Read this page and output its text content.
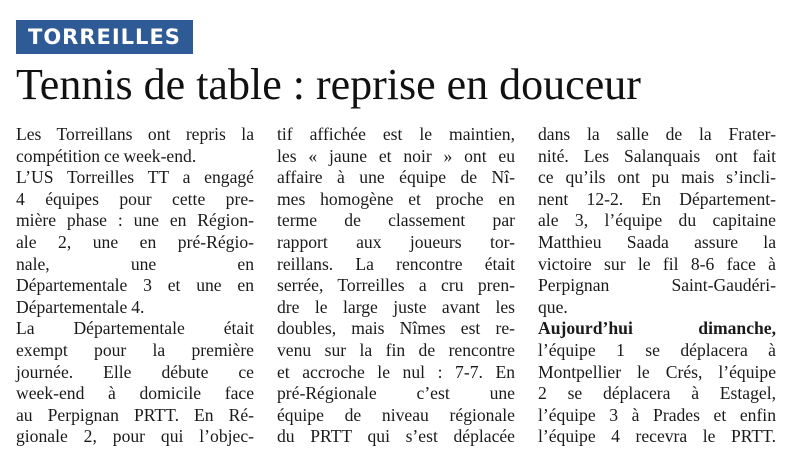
TORREILLES
Tennis de table : reprise en douceur
Les Torreillans ont repris la
compétition ce week-end.
L’US Torreilles TT a engagé
4 équipes pour cette pre-
mière phase : une en Région-
ale 2, une en pré-Régio-
nale, une en
Départementale 3 et une en
Départementale 4.
La Départementale était
exempt pour la première
journée. Elle débute ce
week-end à domicile face
au Perpignan PRTT. En Ré-
gionale 2, pour qui l’objec-
tif affichée est le maintien,
les « jaune et noir » ont eu
affaire à une équipe de Nî-
mes homogène et proche en
terme de classement par
rapport aux joueurs tor-
reillans. La rencontre était
serrée, Torreilles a cru pren-
dre le large juste avant les
doubles, mais Nîmes est re-
venu sur la fin de rencontre
et accroche le nul : 7-7. En
pré-Régionale c’est une
équipe de niveau régionale
du PRTT qui s’est déplacée
dans la salle de la Frater-
nité. Les Salanquais ont fait
ce qu’ils ont pu mais s’incli-
nent 12-2. En Département-
ale 3, l’équipe du capitaine
Matthieu Saada assure la
victoire sur le fil 8-6 face à
Perpignan Saint-Gaudéri-
que.
Aujourd’hui dimanche,
l’équipe 1 se déplacera à
Montpellier le Crés, l’équipe
2 se déplacera à Estagel,
l’équipe 3 à Prades et enfin
l’équipe 4 recevra le PRTT.
